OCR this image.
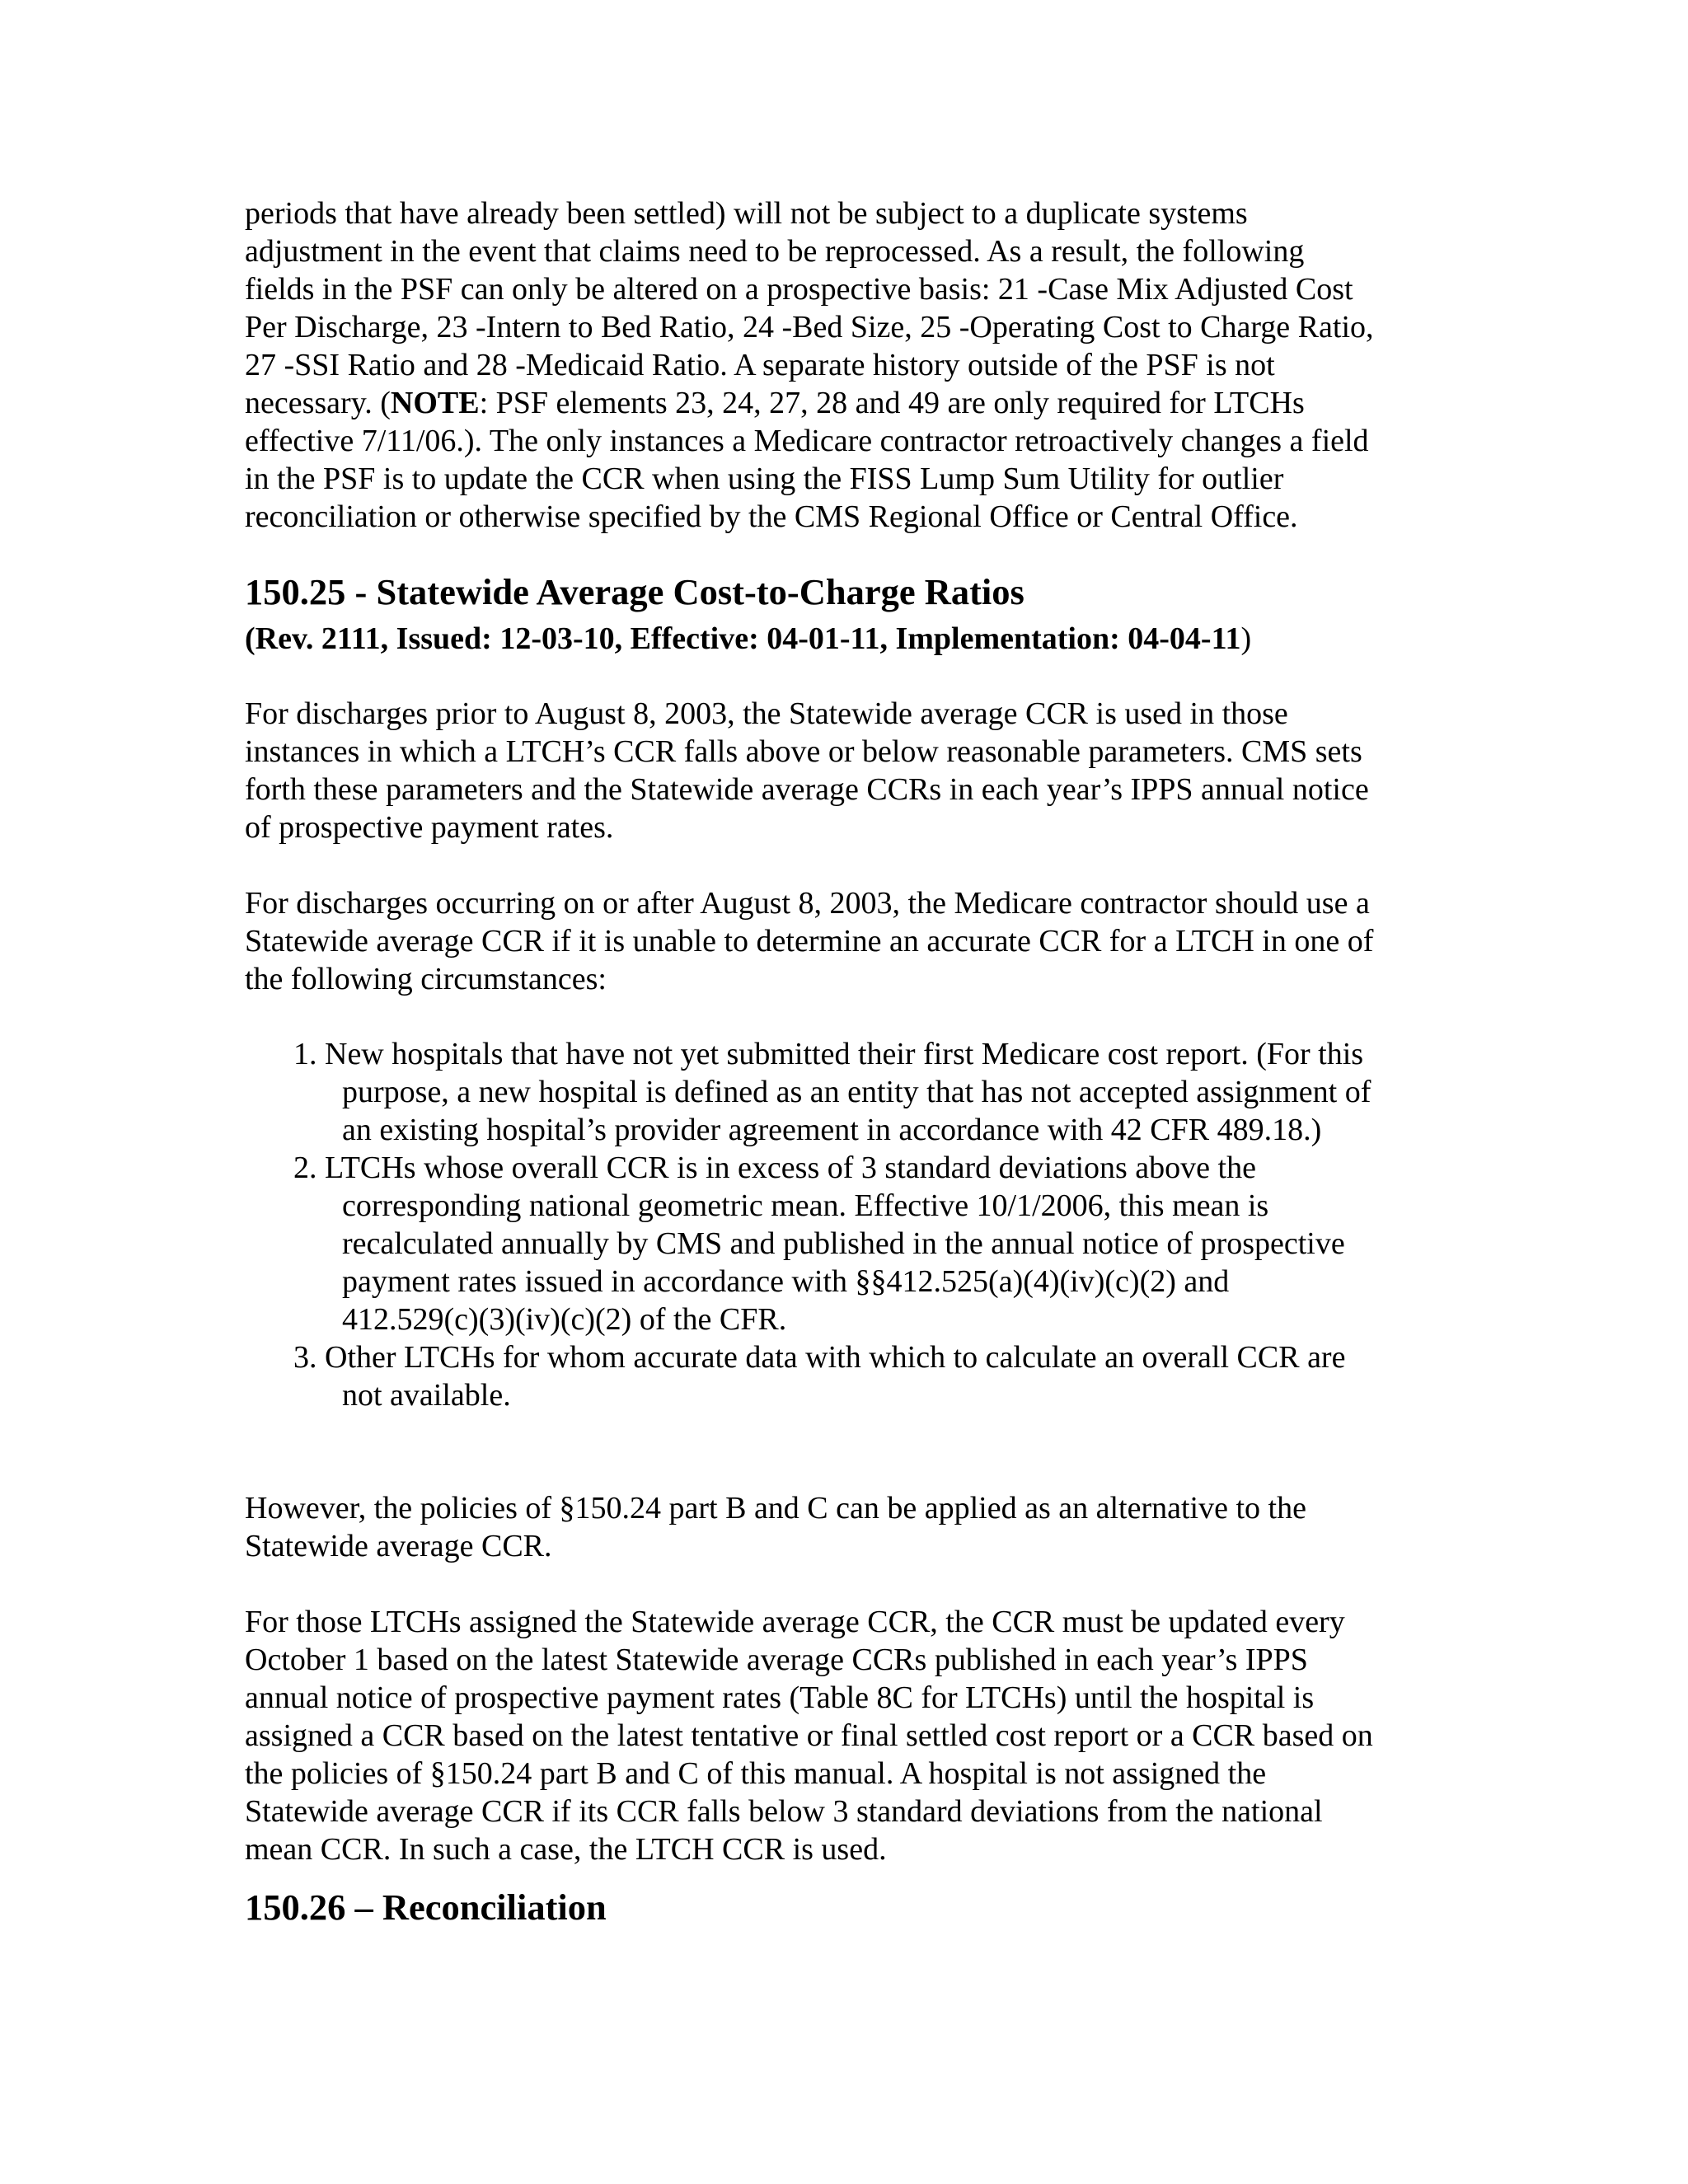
periods that have already been settled) will not be subject to a duplicate systems
adjustment in the event that claims need to be reprocessed. As a result, the following
fields in the PSF can only be altered on a prospective basis: 21 -Case Mix Adjusted Cost
Per Discharge, 23 -Intern to Bed Ratio, 24 -Bed Size, 25 -Operating Cost to Charge Ratio,
27 -SSI Ratio and 28 -Medicaid Ratio. A separate history outside of the PSF is not
necessary. (NOTE: PSF elements 23, 24, 27, 28 and 49 are only required for LTCHs
effective 7/11/06.). The only instances a Medicare contractor retroactively changes a field
in the PSF is to update the CCR when using the FISS Lump Sum Utility for outlier
reconciliation or otherwise specified by the CMS Regional Office or Central Office.
150.25 - Statewide Average Cost-to-Charge Ratios
(Rev. 2111, Issued: 12-03-10, Effective: 04-01-11, Implementation: 04-04-11)
For discharges prior to August 8, 2003, the Statewide average CCR is used in those
instances in which a LTCH’s CCR falls above or below reasonable parameters. CMS sets
forth these parameters and the Statewide average CCRs in each year’s IPPS annual notice
of prospective payment rates.
For discharges occurring on or after August 8, 2003, the Medicare contractor should use a
Statewide average CCR if it is unable to determine an accurate CCR for a LTCH in one of
the following circumstances:
1. New hospitals that have not yet submitted their first Medicare cost report. (For this
purpose, a new hospital is defined as an entity that has not accepted assignment of
an existing hospital’s provider agreement in accordance with 42 CFR 489.18.)
2. LTCHs whose overall CCR is in excess of 3 standard deviations above the
corresponding national geometric mean. Effective 10/1/2006, this mean is
recalculated annually by CMS and published in the annual notice of prospective
payment rates issued in accordance with §§412.525(a)(4)(iv)(c)(2) and
412.529(c)(3)(iv)(c)(2) of the CFR.
3. Other LTCHs for whom accurate data with which to calculate an overall CCR are
not available.
However, the policies of §150.24 part B and C can be applied as an alternative to the
Statewide average CCR.
For those LTCHs assigned the Statewide average CCR, the CCR must be updated every
October 1 based on the latest Statewide average CCRs published in each year’s IPPS
annual notice of prospective payment rates (Table 8C for LTCHs) until the hospital is
assigned a CCR based on the latest tentative or final settled cost report or a CCR based on
the policies of §150.24 part B and C of this manual. A hospital is not assigned the
Statewide average CCR if its CCR falls below 3 standard deviations from the national
mean CCR. In such a case, the LTCH CCR is used.
150.26 – Reconciliation
